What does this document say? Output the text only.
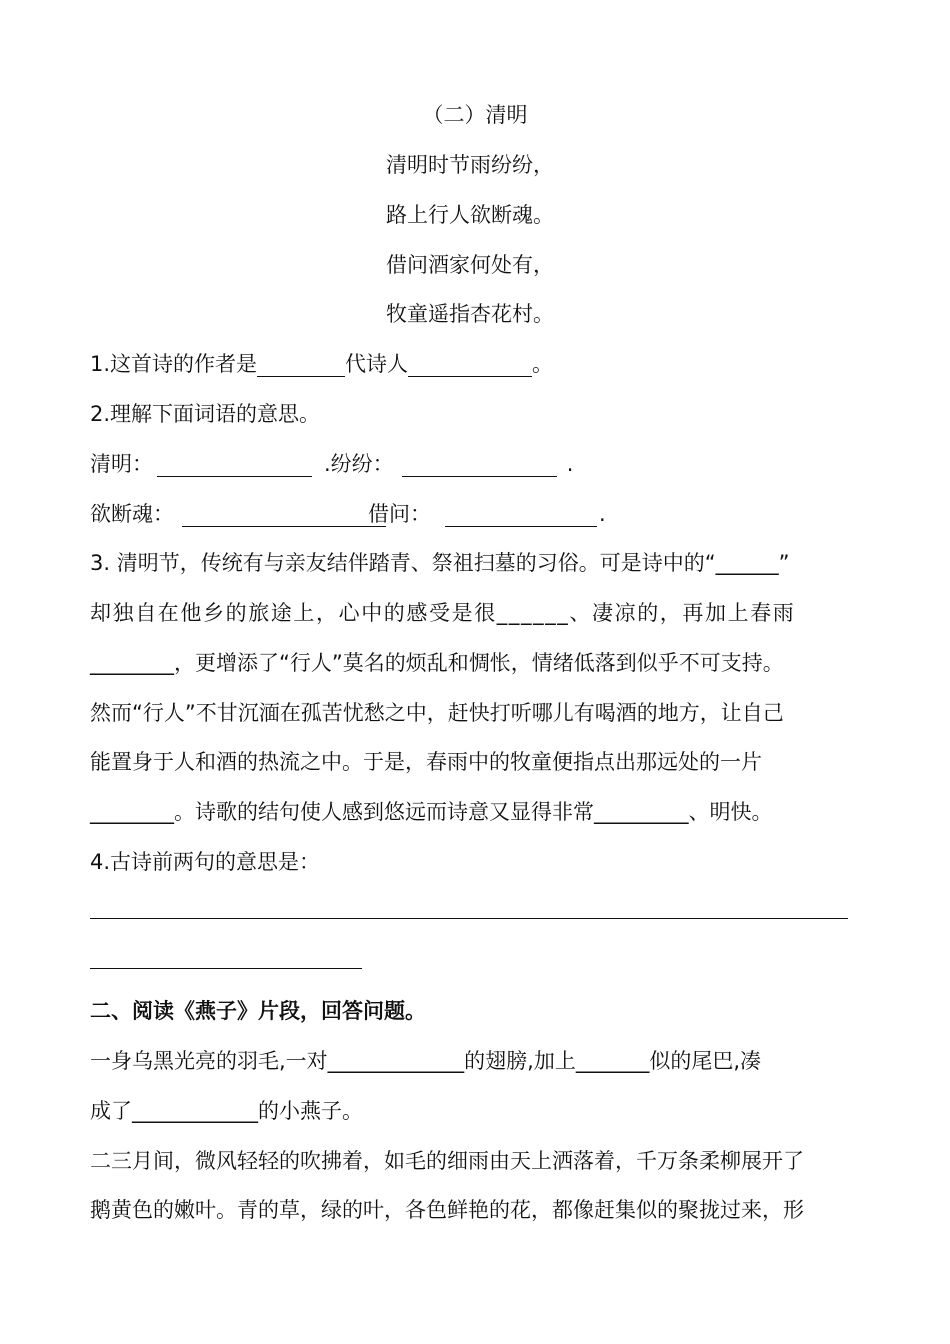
（二）清明

清明时节雨纷纷，

路上行人欲断魂。

借问酒家何处有，

牧童遥指杏花村。

1.这首诗的作者是	代诗人	。

2.理解下面词语的意思。

清明：	.纷纷：	.

欲断魂：	借问：	.

3. 清明节，传统有与亲友结伴踏青、祭祖扫墓的习俗。可是诗中的“______”

却独自在他乡的旅途上，心中的感受是很______、凄凉的，再加上春雨

________，更增添了“行人”莫名的烦乱和惆怅，情绪低落到似乎不可支持。

然而“行人”不甘沉湎在孤苦忧愁之中，赶快打听哪儿有喝酒的地方，让自己

能置身于人和酒的热流之中。于是，春雨中的牧童便指点出那远处的一片

________。诗歌的结句使人感到悠远而诗意又显得非常_________、明快。

4.古诗前两句的意思是：

二、阅读《燕子》片段，回答问题。

一身乌黑光亮的羽毛,一对_____________的翅膀,加上_______似的尾巴,凑

成了____________的小燕子。

二三月间，微风轻轻的吹拂着，如毛的细雨由天上洒落着，千万条柔柳展开了

鹅黄色的嫩叶。青的草，绿的叶，各色鲜艳的花，都像赶集似的聚拢过来，形
